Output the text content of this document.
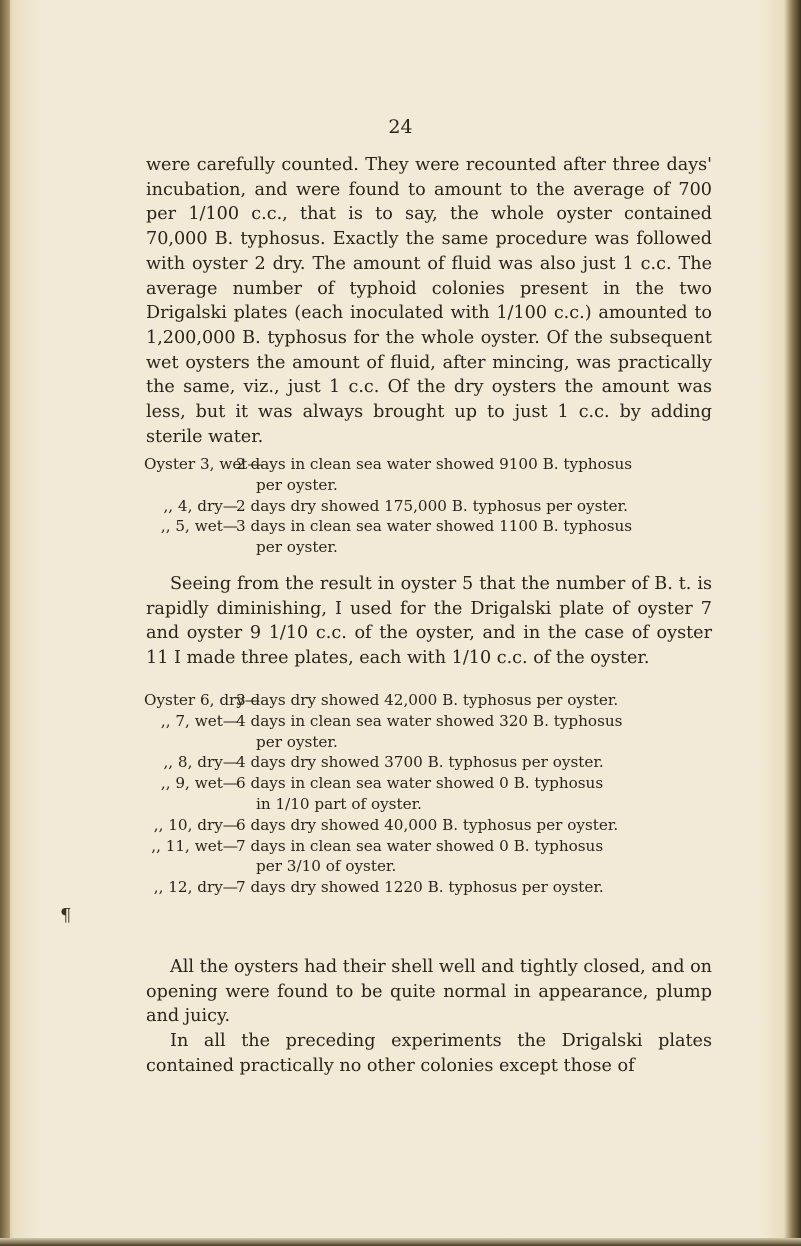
24

were carefully counted. They were recounted after three days' incubation, and were found to amount to the average of 700 per 1/100 c.c., that is to say, the whole oyster contained 70,000 B. typhosus. Exactly the same procedure was followed with oyster 2 dry. The amount of fluid was also just 1 c.c. The average number of typhoid colonies present in the two Drigalski plates (each inoculated with 1/100 c.c.) amounted to 1,200,000 B. typhosus for the whole oyster. Of the subsequent wet oysters the amount of fluid, after mincing, was practically the same, viz., just 1 c.c. Of the dry oysters the amount was less, but it was always brought up to just 1 c.c. by adding sterile water.

Oyster 3, wet—
2 days in clean sea water showed 9100 B. typhosus
per oyster.
,, 4, dry—
2 days dry showed 175,000 B. typhosus per oyster.
,, 5, wet—
3 days in clean sea water showed 1100 B. typhosus
per oyster.

Seeing from the result in oyster 5 that the number of B. t. is rapidly diminishing, I used for the Drigalski plate of oyster 7 and oyster 9 1/10 c.c. of the oyster, and in the case of oyster 11 I made three plates, each with 1/10 c.c. of the oyster.

Oyster 6, dry—
3 days dry showed 42,000 B. typhosus per oyster.
,, 7, wet—
4 days in clean sea water showed 320 B. typhosus
per oyster.
,, 8, dry—
4 days dry showed 3700 B. typhosus per oyster.
,, 9, wet—
6 days in clean sea water showed 0 B. typhosus
in 1/10 part of oyster.
,, 10, dry—
6 days dry showed 40,000 B. typhosus per oyster.
,, 11, wet—
7 days in clean sea water showed 0 B. typhosus
per 3/10 of oyster.
,, 12, dry—
7 days dry showed 1220 B. typhosus per oyster.

All the oysters had their shell well and tightly closed, and on opening were found to be quite normal in appearance, plump and juicy.

In all the preceding experiments the Drigalski plates contained practically no other colonies except those of

¶
